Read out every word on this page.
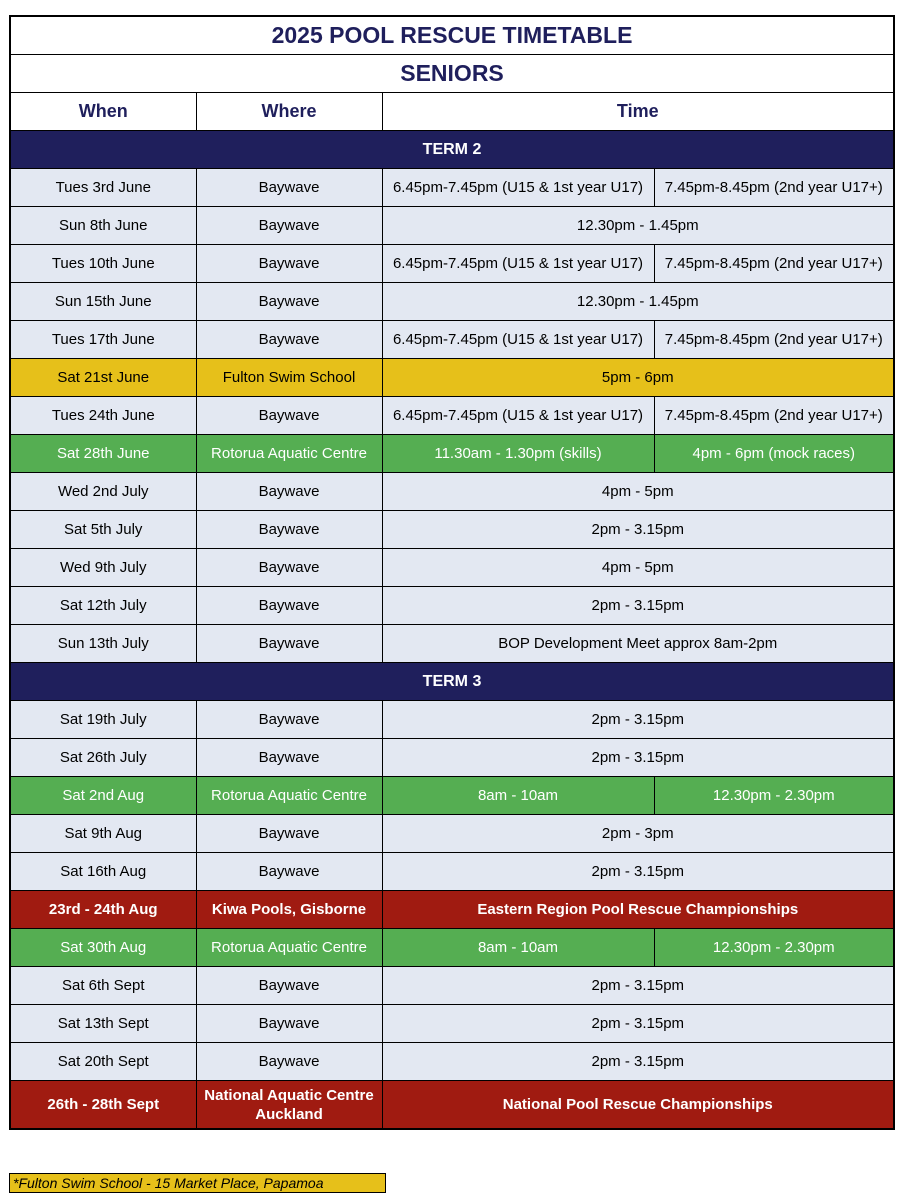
2025 POOL RESCUE TIMETABLE			
SENIORS			
When	Where	Time	
TERM 2			
Tues 3rd June	Baywave	6.45pm-7.45pm (U15 & 1st year U17)	7.45pm-8.45pm (2nd year U17+)
Sun 8th June	Baywave	12.30pm - 1.45pm	
Tues 10th June	Baywave	6.45pm-7.45pm (U15 & 1st year U17)	7.45pm-8.45pm (2nd year U17+)
Sun 15th June	Baywave	12.30pm - 1.45pm	
Tues 17th June	Baywave	6.45pm-7.45pm (U15 & 1st year U17)	7.45pm-8.45pm (2nd year U17+)
Sat 21st June	Fulton Swim School	5pm - 6pm	
Tues 24th June	Baywave	6.45pm-7.45pm (U15 & 1st year U17)	7.45pm-8.45pm (2nd year U17+)
Sat 28th June	Rotorua Aquatic Centre	11.30am - 1.30pm (skills)	4pm - 6pm (mock races)
Wed 2nd July	Baywave	4pm - 5pm	
Sat 5th July	Baywave	2pm - 3.15pm	
Wed 9th July	Baywave	4pm - 5pm	
Sat 12th July	Baywave	2pm - 3.15pm	
Sun 13th July	Baywave	BOP Development Meet approx 8am-2pm	
TERM 3			
Sat 19th July	Baywave	2pm - 3.15pm	
Sat 26th July	Baywave	2pm - 3.15pm	
Sat 2nd Aug	Rotorua Aquatic Centre	8am - 10am	12.30pm - 2.30pm
Sat 9th Aug	Baywave	2pm - 3pm	
Sat 16th Aug	Baywave	2pm - 3.15pm	
23rd - 24th Aug	Kiwa Pools, Gisborne	Eastern Region Pool Rescue Championships	
Sat 30th Aug	Rotorua Aquatic Centre	8am - 10am	12.30pm - 2.30pm
Sat 6th Sept	Baywave	2pm - 3.15pm	
Sat 13th Sept	Baywave	2pm - 3.15pm	
Sat 20th Sept	Baywave	2pm - 3.15pm	
26th - 28th Sept	National Aquatic Centre Auckland	National Pool Rescue Championships	
*Fulton Swim School - 15 Market Place, Papamoa
